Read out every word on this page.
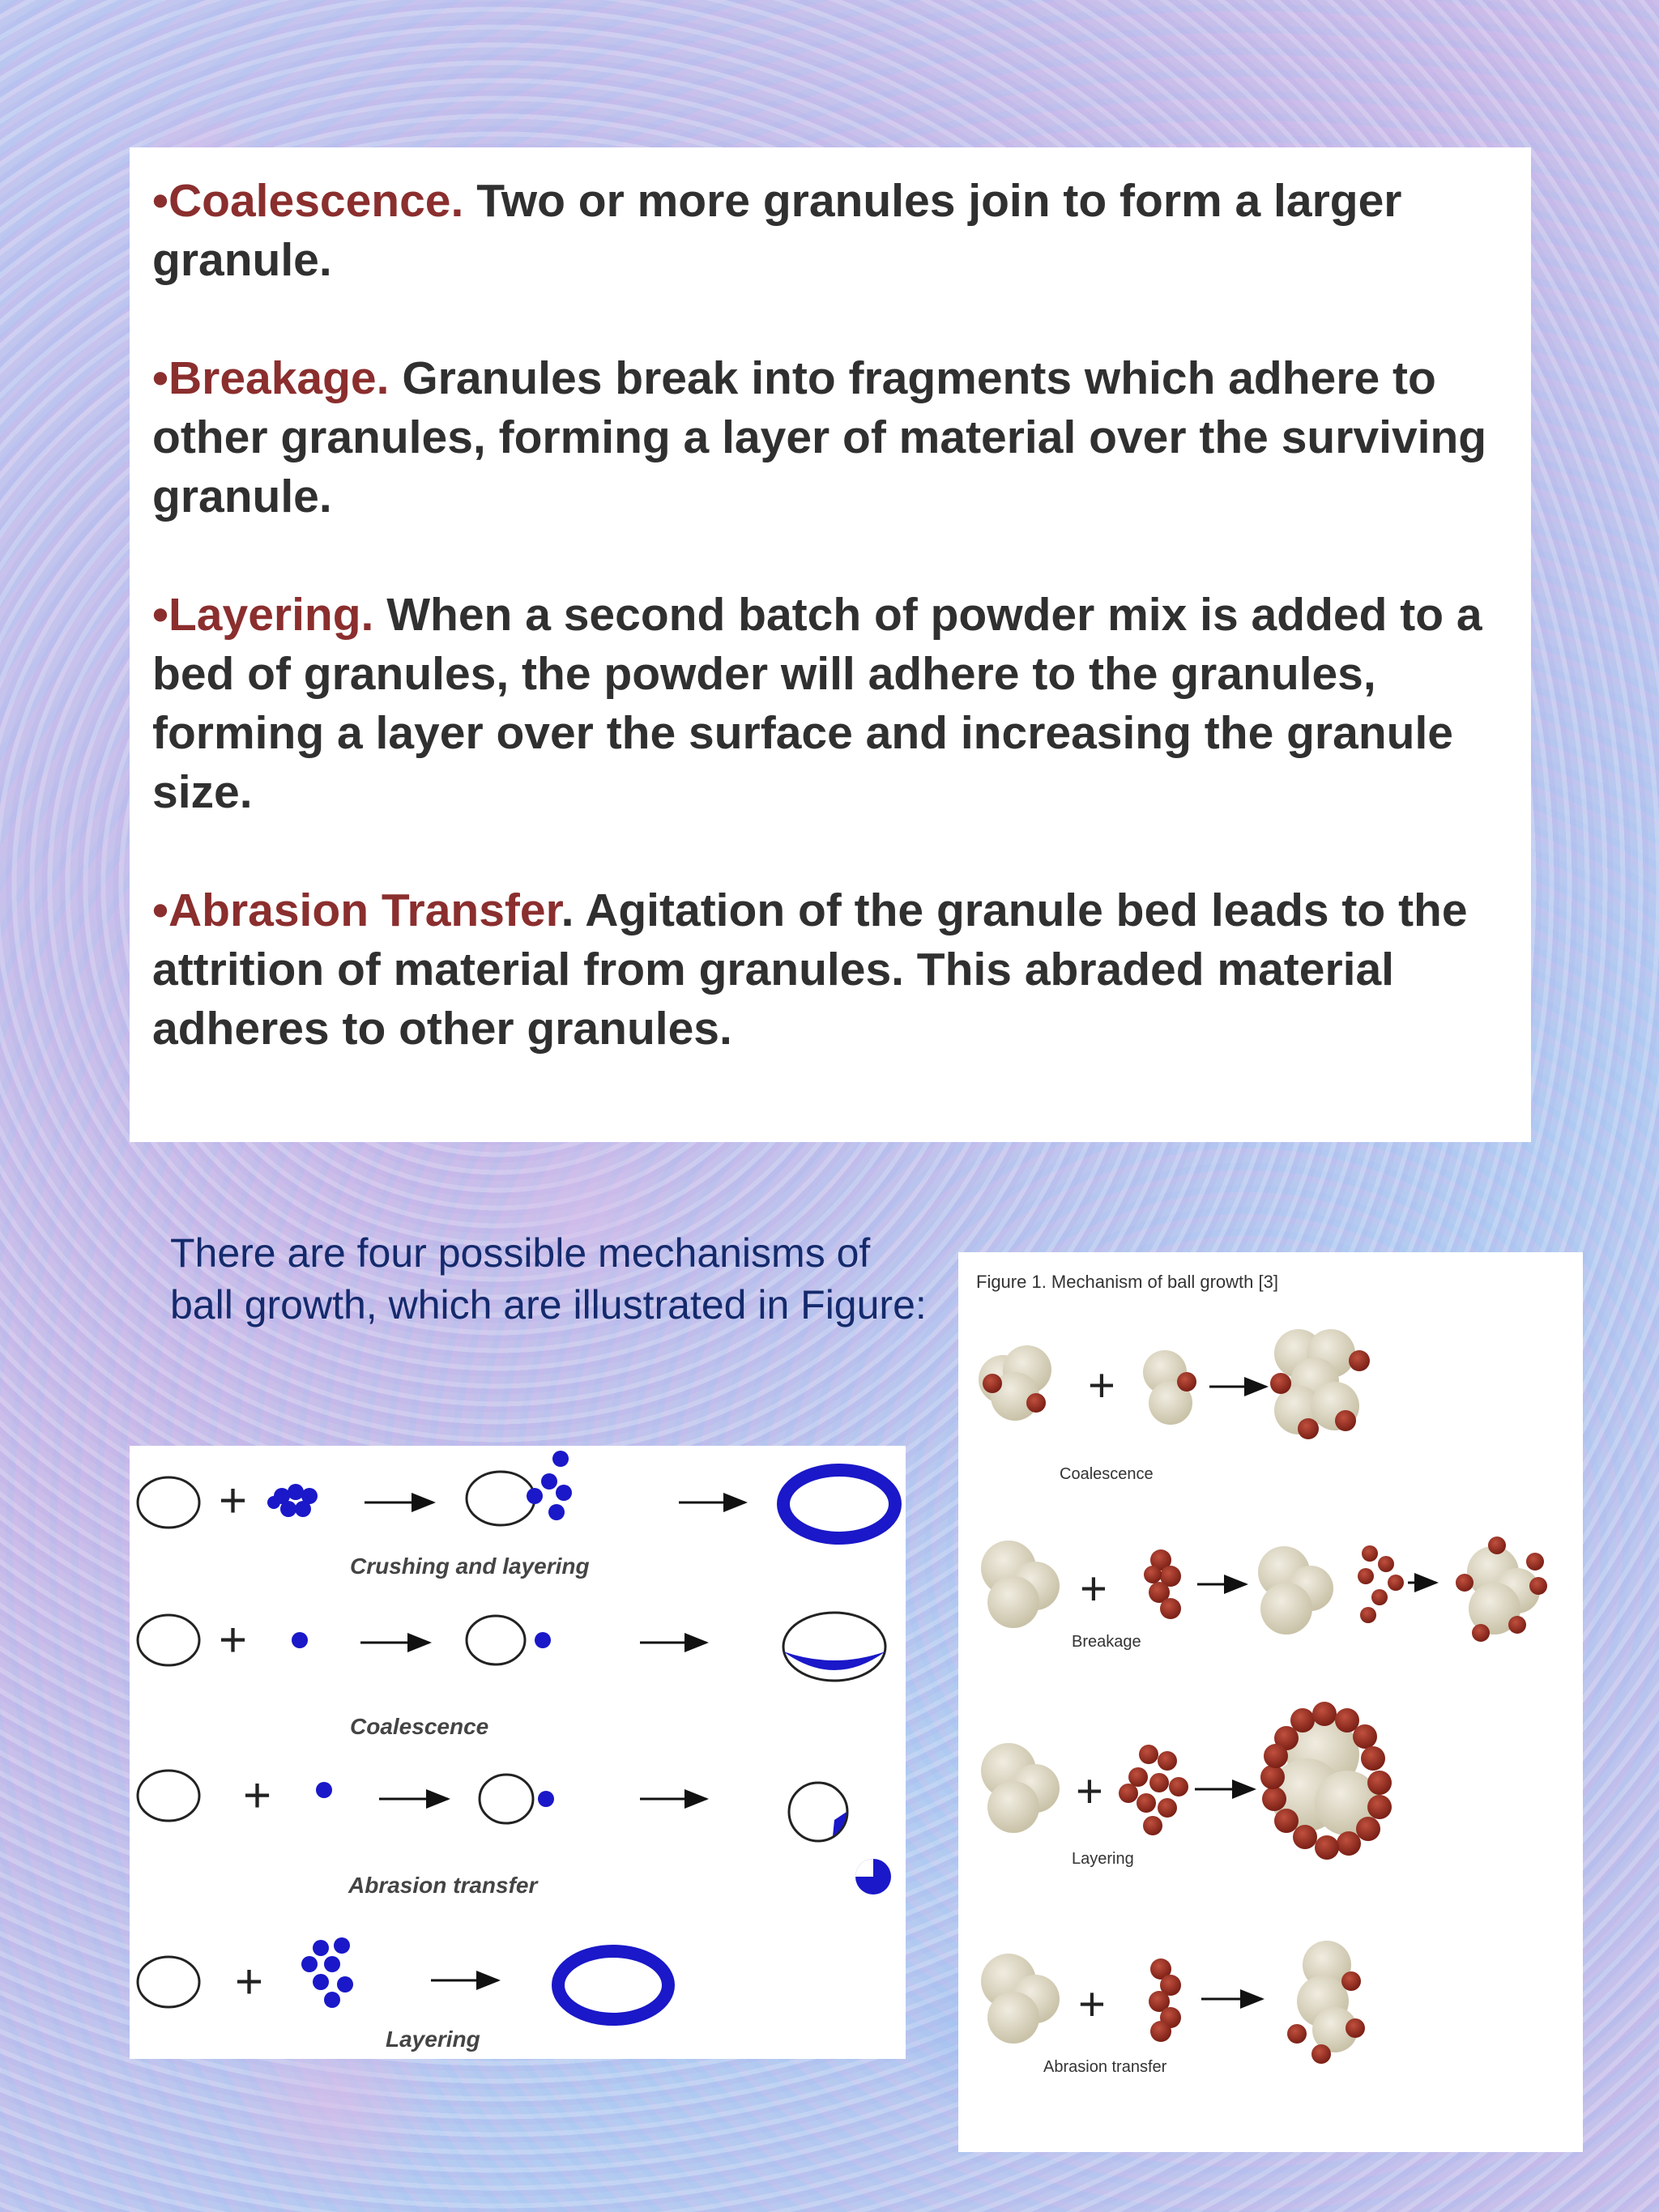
•Coalescence. Two or more granules join to form a larger granule.

•Breakage. Granules break into fragments which adhere to other granules, forming a layer of material over the surviving granule.

•Layering. When a second batch of powder mix is added to a bed of granules, the powder will adhere to the granules, forming a layer over the surface and increasing the granule size.

•Abrasion Transfer. Agitation of the granule bed leads to the attrition of material from granules. This abraded material adheres to other granules.

There are four possible mechanisms of ball growth, which are illustrated in Figure:
+
Crushing and layering
+
Coalescence
+
Abrasion transfer
+
Layering
Figure 1. Mechanism of ball growth [3]
+
Coalescence
+
Breakage
+
Layering
+
Abrasion transfer
